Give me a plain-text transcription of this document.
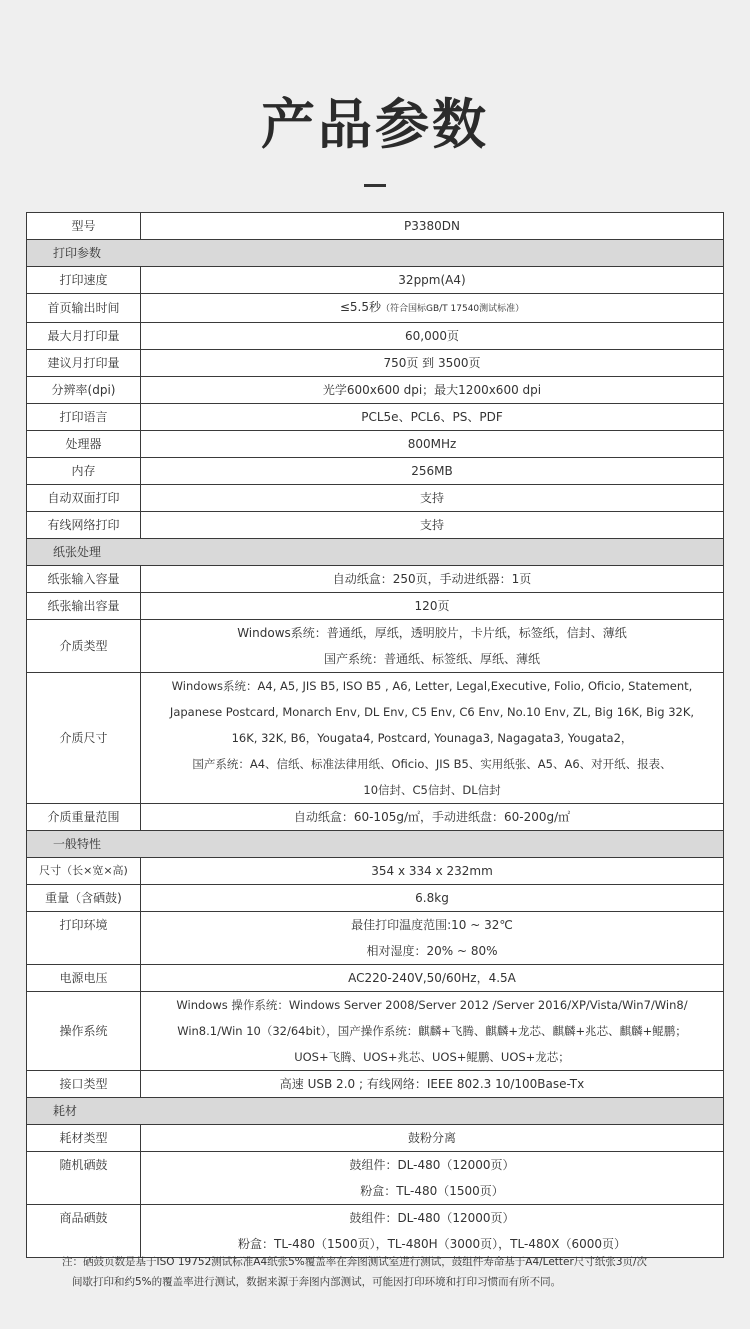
产品参数
型号	P3380DN
打印参数	
打印速度	32ppm(A4)
首页输出时间	≤5.5秒（符合国标GB/T 17540测试标准）
最大月打印量	60,000页
建议月打印量	750页 到 3500页
分辨率(dpi)	光学600x600 dpi；最大1200x600 dpi
打印语言	PCL5e、PCL6、PS、PDF
处理器	800MHz
内存	256MB
自动双面打印	支持
有线网络打印	支持
纸张处理	
纸张输入容量	自动纸盒：250页，手动进纸器：1页
纸张输出容量	120页
介质类型	Windows系统：普通纸，厚纸，透明胶片，卡片纸，标签纸，信封、薄纸
国产系统：普通纸、标签纸、厚纸、薄纸

介质尺寸	Windows系统：A4, A5, JIS B5, ISO B5 , A6, Letter, Legal,Executive, Folio, Oficio, Statement,
Japanese Postcard, Monarch Env, DL Env, C5 Env, C6 Env, No.10 Env, ZL, Big 16K, Big 32K,
16K, 32K, B6，Yougata4, Postcard, Younaga3, Nagagata3, Yougata2，
国产系统：A4、信纸、标准法律用纸、Oficio、JIS B5、实用纸张、A5、A6、对开纸、报表、
10信封、C5信封、DL信封

介质重量范围	自动纸盒：60-105g/㎡，手动进纸盘：60-200g/㎡
一般特性	
尺寸（长×宽×高)	354 x 334 x 232mm
重量（含硒鼓)	6.8kg
打印环境	最佳打印温度范围:10 ~ 32℃
相对湿度：20% ~ 80%

电源电压	AC220-240V,50/60Hz，4.5A
操作系统	Windows 操作系统：Windows Server 2008/Server 2012 /Server 2016/XP/Vista/Win7/Win8/
Win8.1/Win 10（32/64bit），国产操作系统：麒麟+飞腾、麒麟+龙芯、麒麟+兆芯、麒麟+鲲鹏；
UOS+飞腾、UOS+兆芯、UOS+鲲鹏、UOS+龙芯；

接口类型	高速 USB 2.0 ; 有线网络：IEEE 802.3 10/100Base-Tx
耗材	
耗材类型	鼓粉分离
随机硒鼓	鼓组件：DL-480（12000页）
粉盒：TL-480（1500页）

商品硒鼓	鼓组件：DL-480（12000页）
粉盒：TL-480（1500页），TL-480H（3000页），TL-480X（6000页）
注：硒鼓页数是基于ISO 19752测试标准A4纸张5%覆盖率在奔图测试室进行测试，鼓组件寿命基于A4/Letter尺寸纸张3页/次
间歇打印和约5%的覆盖率进行测试，数据来源于奔图内部测试，可能因打印环境和打印习惯而有所不同。
